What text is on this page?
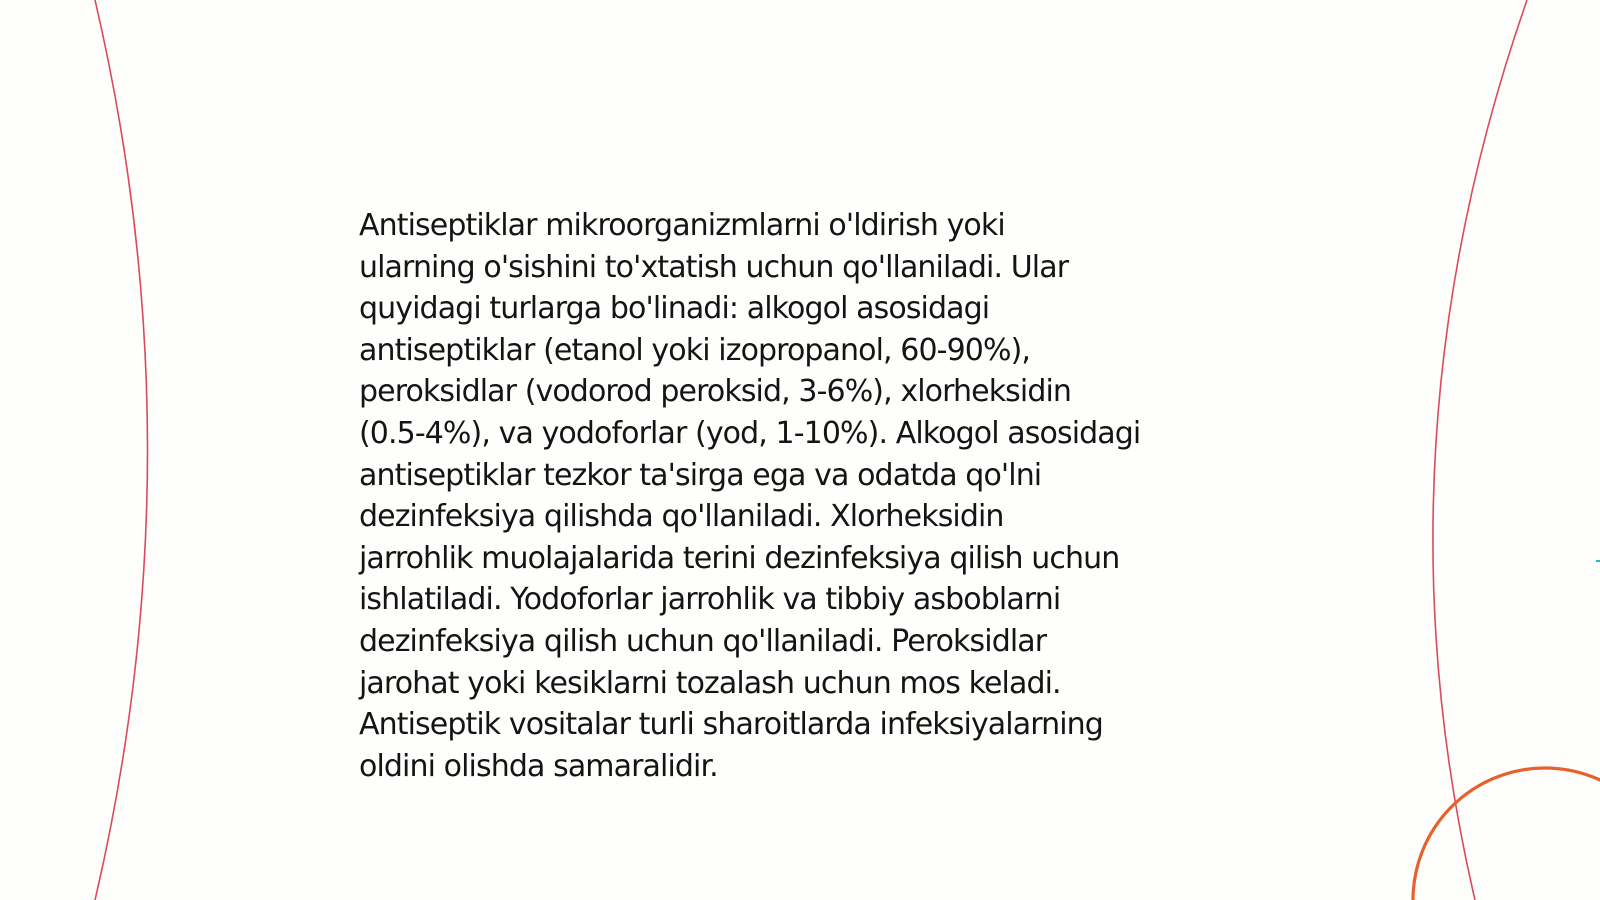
Antiseptiklar mikroorganizmlarni o'ldirish yoki
ularning o'sishini to'xtatish uchun qo'llaniladi. Ular
quyidagi turlarga bo'linadi: alkogol asosidagi
antiseptiklar (etanol yoki izopropanol, 60-90%),
peroksidlar (vodorod peroksid, 3-6%), xlorheksidin
(0.5-4%), va yodoforlar (yod, 1-10%). Alkogol asosidagi
antiseptiklar tezkor ta'sirga ega va odatda qo'lni
dezinfeksiya qilishda qo'llaniladi. Xlorheksidin
jarrohlik muolajalarida terini dezinfeksiya qilish uchun
ishlatiladi. Yodoforlar jarrohlik va tibbiy asboblarni
dezinfeksiya qilish uchun qo'llaniladi. Peroksidlar
jarohat yoki kesiklarni tozalash uchun mos keladi.
Antiseptik vositalar turli sharoitlarda infeksiyalarning
oldini olishda samaralidir.
